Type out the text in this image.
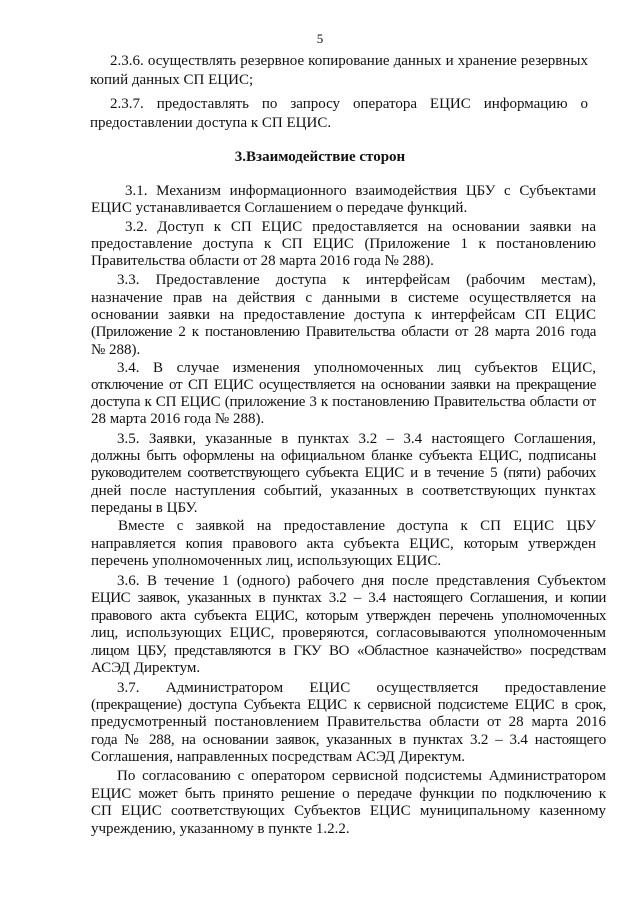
5
2.3.6. осуществлять резервное копирование данных и хранение резервных
копий данных СП ЕЦИС;
2.3.7. предоставлять по запросу оператора ЕЦИС информацию о
предоставлении доступа к СП ЕЦИС.
3.Взаимодействие сторон
3.1. Механизм информационного взаимодействия ЦБУ с Субъектами
ЕЦИС устанавливается Соглашением о передаче функций.
3.2. Доступ к СП ЕЦИС предоставляется на основании заявки на
предоставление доступа к СП ЕЦИС (Приложение 1 к постановлению
Правительства области от 28 марта 2016 года № 288).
3.3. Предоставление доступа к интерфейсам (рабочим местам),
назначение прав на действия с данными в системе осуществляется на
основании заявки на предоставление доступа к интерфейсам СП ЕЦИС
(Приложение 2 к постановлению Правительства области от 28 марта 2016 года
№ 288).
3.4. В случае изменения уполномоченных лиц субъектов ЕЦИС,
отключение от СП ЕЦИС осуществляется на основании заявки на прекращение
доступа к СП ЕЦИС (приложение 3 к постановлению Правительства области от
28 марта 2016 года № 288).
3.5. Заявки, указанные в пунктах 3.2 – 3.4 настоящего Соглашения,
должны быть оформлены на официальном бланке субъекта ЕЦИС, подписаны
руководителем соответствующего субъекта ЕЦИС и в течение 5 (пяти) рабочих
дней после наступления событий, указанных в соответствующих пунктах
переданы в ЦБУ.
Вместе с заявкой на предоставление доступа к СП ЕЦИС ЦБУ
направляется копия правового акта субъекта ЕЦИС, которым утвержден
перечень уполномоченных лиц, использующих ЕЦИС.
3.6. В течение 1 (одного) рабочего дня после представления Субъектом
ЕЦИС заявок, указанных в пунктах 3.2 – 3.4 настоящего Соглашения, и копии
правового акта субъекта ЕЦИС, которым утвержден перечень уполномоченных
лиц, использующих ЕЦИС, проверяются, согласовываются уполномоченным
лицом ЦБУ, представляются в ГКУ ВО «Областное казначейство» посредствам
АСЭД Директум.
3.7. Администратором ЕЦИС осуществляется предоставление
(прекращение) доступа Субъекта ЕЦИС к сервисной подсистеме ЕЦИС в срок,
предусмотренный постановлением Правительства области от 28 марта 2016
года № 288, на основании заявок, указанных в пунктах 3.2 – 3.4 настоящего
Соглашения, направленных посредствам АСЭД Директум.
По согласованию с оператором сервисной подсистемы Администратором
ЕЦИС может быть принято решение о передаче функции по подключению к
СП ЕЦИС соответствующих Субъектов ЕЦИС муниципальному казенному
учреждению, указанному в пункте 1.2.2.
